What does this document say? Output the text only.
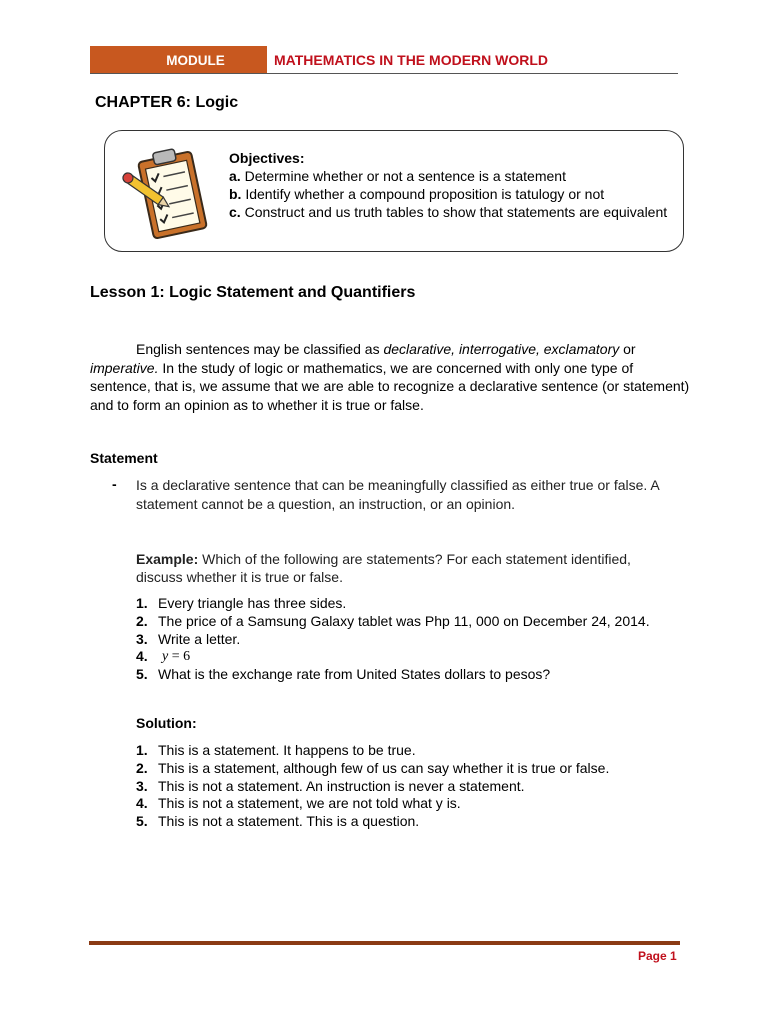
MODULE	MATHEMATICS IN THE MODERN WORLD
CHAPTER 6: Logic
Objectives:
a. Determine whether or not a sentence is a statement
b. Identify whether a compound proposition is tatulogy or not
c. Construct and us truth tables to show that statements are equivalent
Lesson 1: Logic Statement and Quantifiers
English sentences may be classified as declarative, interrogative, exclamatory or imperative. In the study of logic or mathematics, we are concerned with only one type of sentence, that is, we assume that we are able to recognize a declarative sentence (or statement) and to form an opinion as to whether it is true or false.
Statement
- Is a declarative sentence that can be meaningfully classified as either true or false. A statement cannot be a question, an instruction, or an opinion.
Example: Which of the following are statements? For each statement identified, discuss whether it is true or false.
1. Every triangle has three sides.
2. The price of a Samsung Galaxy tablet was Php 11, 000 on December 24, 2014.
3. Write a letter.
4.	y = 6
5. What is the exchange rate from United States dollars to pesos?
Solution:
1. This is a statement. It happens to be true.
2. This is a statement, although few of us can say whether it is true or false.
3. This is not a statement. An instruction is never a statement.
4. This is not a statement, we are not told what y is.
5. This is not a statement. This is a question.
Page 1
